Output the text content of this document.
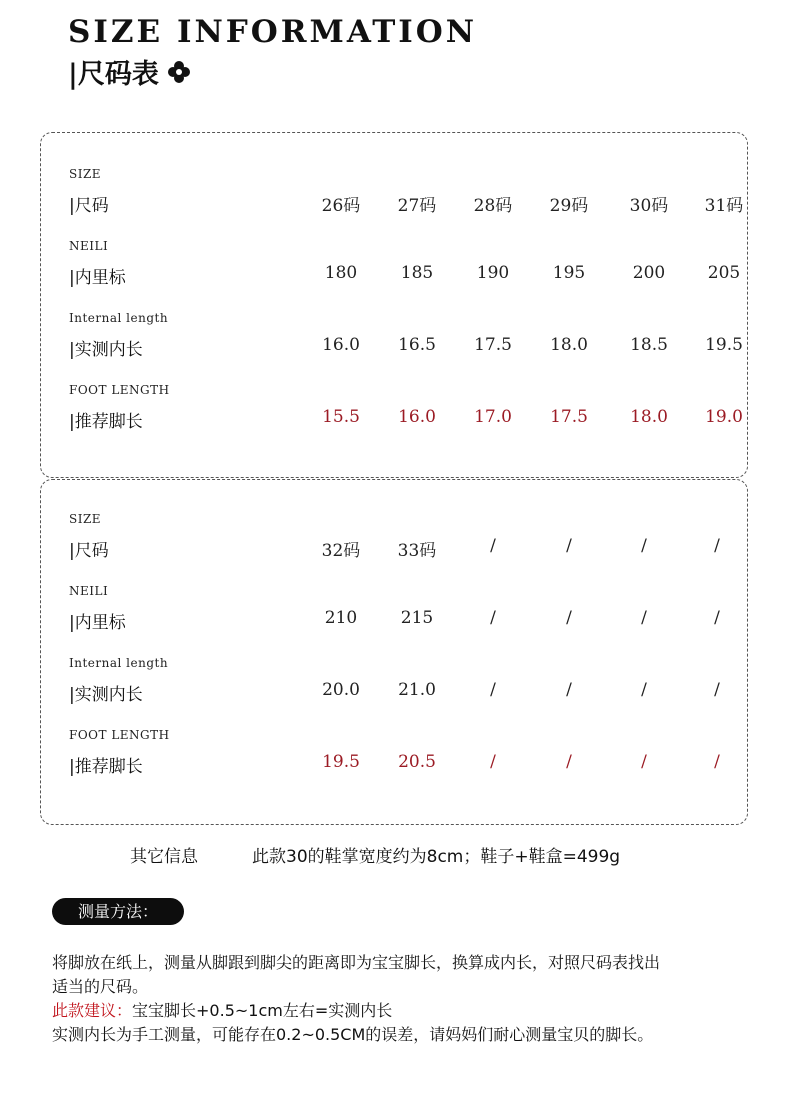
SIZE INFORMATION
|尺码表
SIZE
|尺码	26码	27码	28码	29码	30码	31码
NEILI
|内里标	180	185	190	195	200	205
Internal length
|实测内长	16.0	16.5	17.5	18.0	18.5	19.5
FOOT LENGTH
|推荐脚长	15.5	16.0	17.0	17.5	18.0	19.0
SIZE
|尺码	32码	33码	/	/	/	/
NEILI
|内里标	210	215	/	/	/	/
Internal length
|实测内长	20.0	21.0	/	/	/	/
FOOT LENGTH
|推荐脚长	19.5	20.5	/	/	/	/
其它信息	此款30的鞋掌宽度约为8cm；鞋子+鞋盒=499g
测量方法：
将脚放在纸上，测量从脚跟到脚尖的距离即为宝宝脚长，换算成内长，对照尺码表找出
适当的尺码。
此款建议：宝宝脚长+0.5~1cm左右=实测内长
实测内长为手工测量，可能存在0.2~0.5CM的误差，请妈妈们耐心测量宝贝的脚长。
